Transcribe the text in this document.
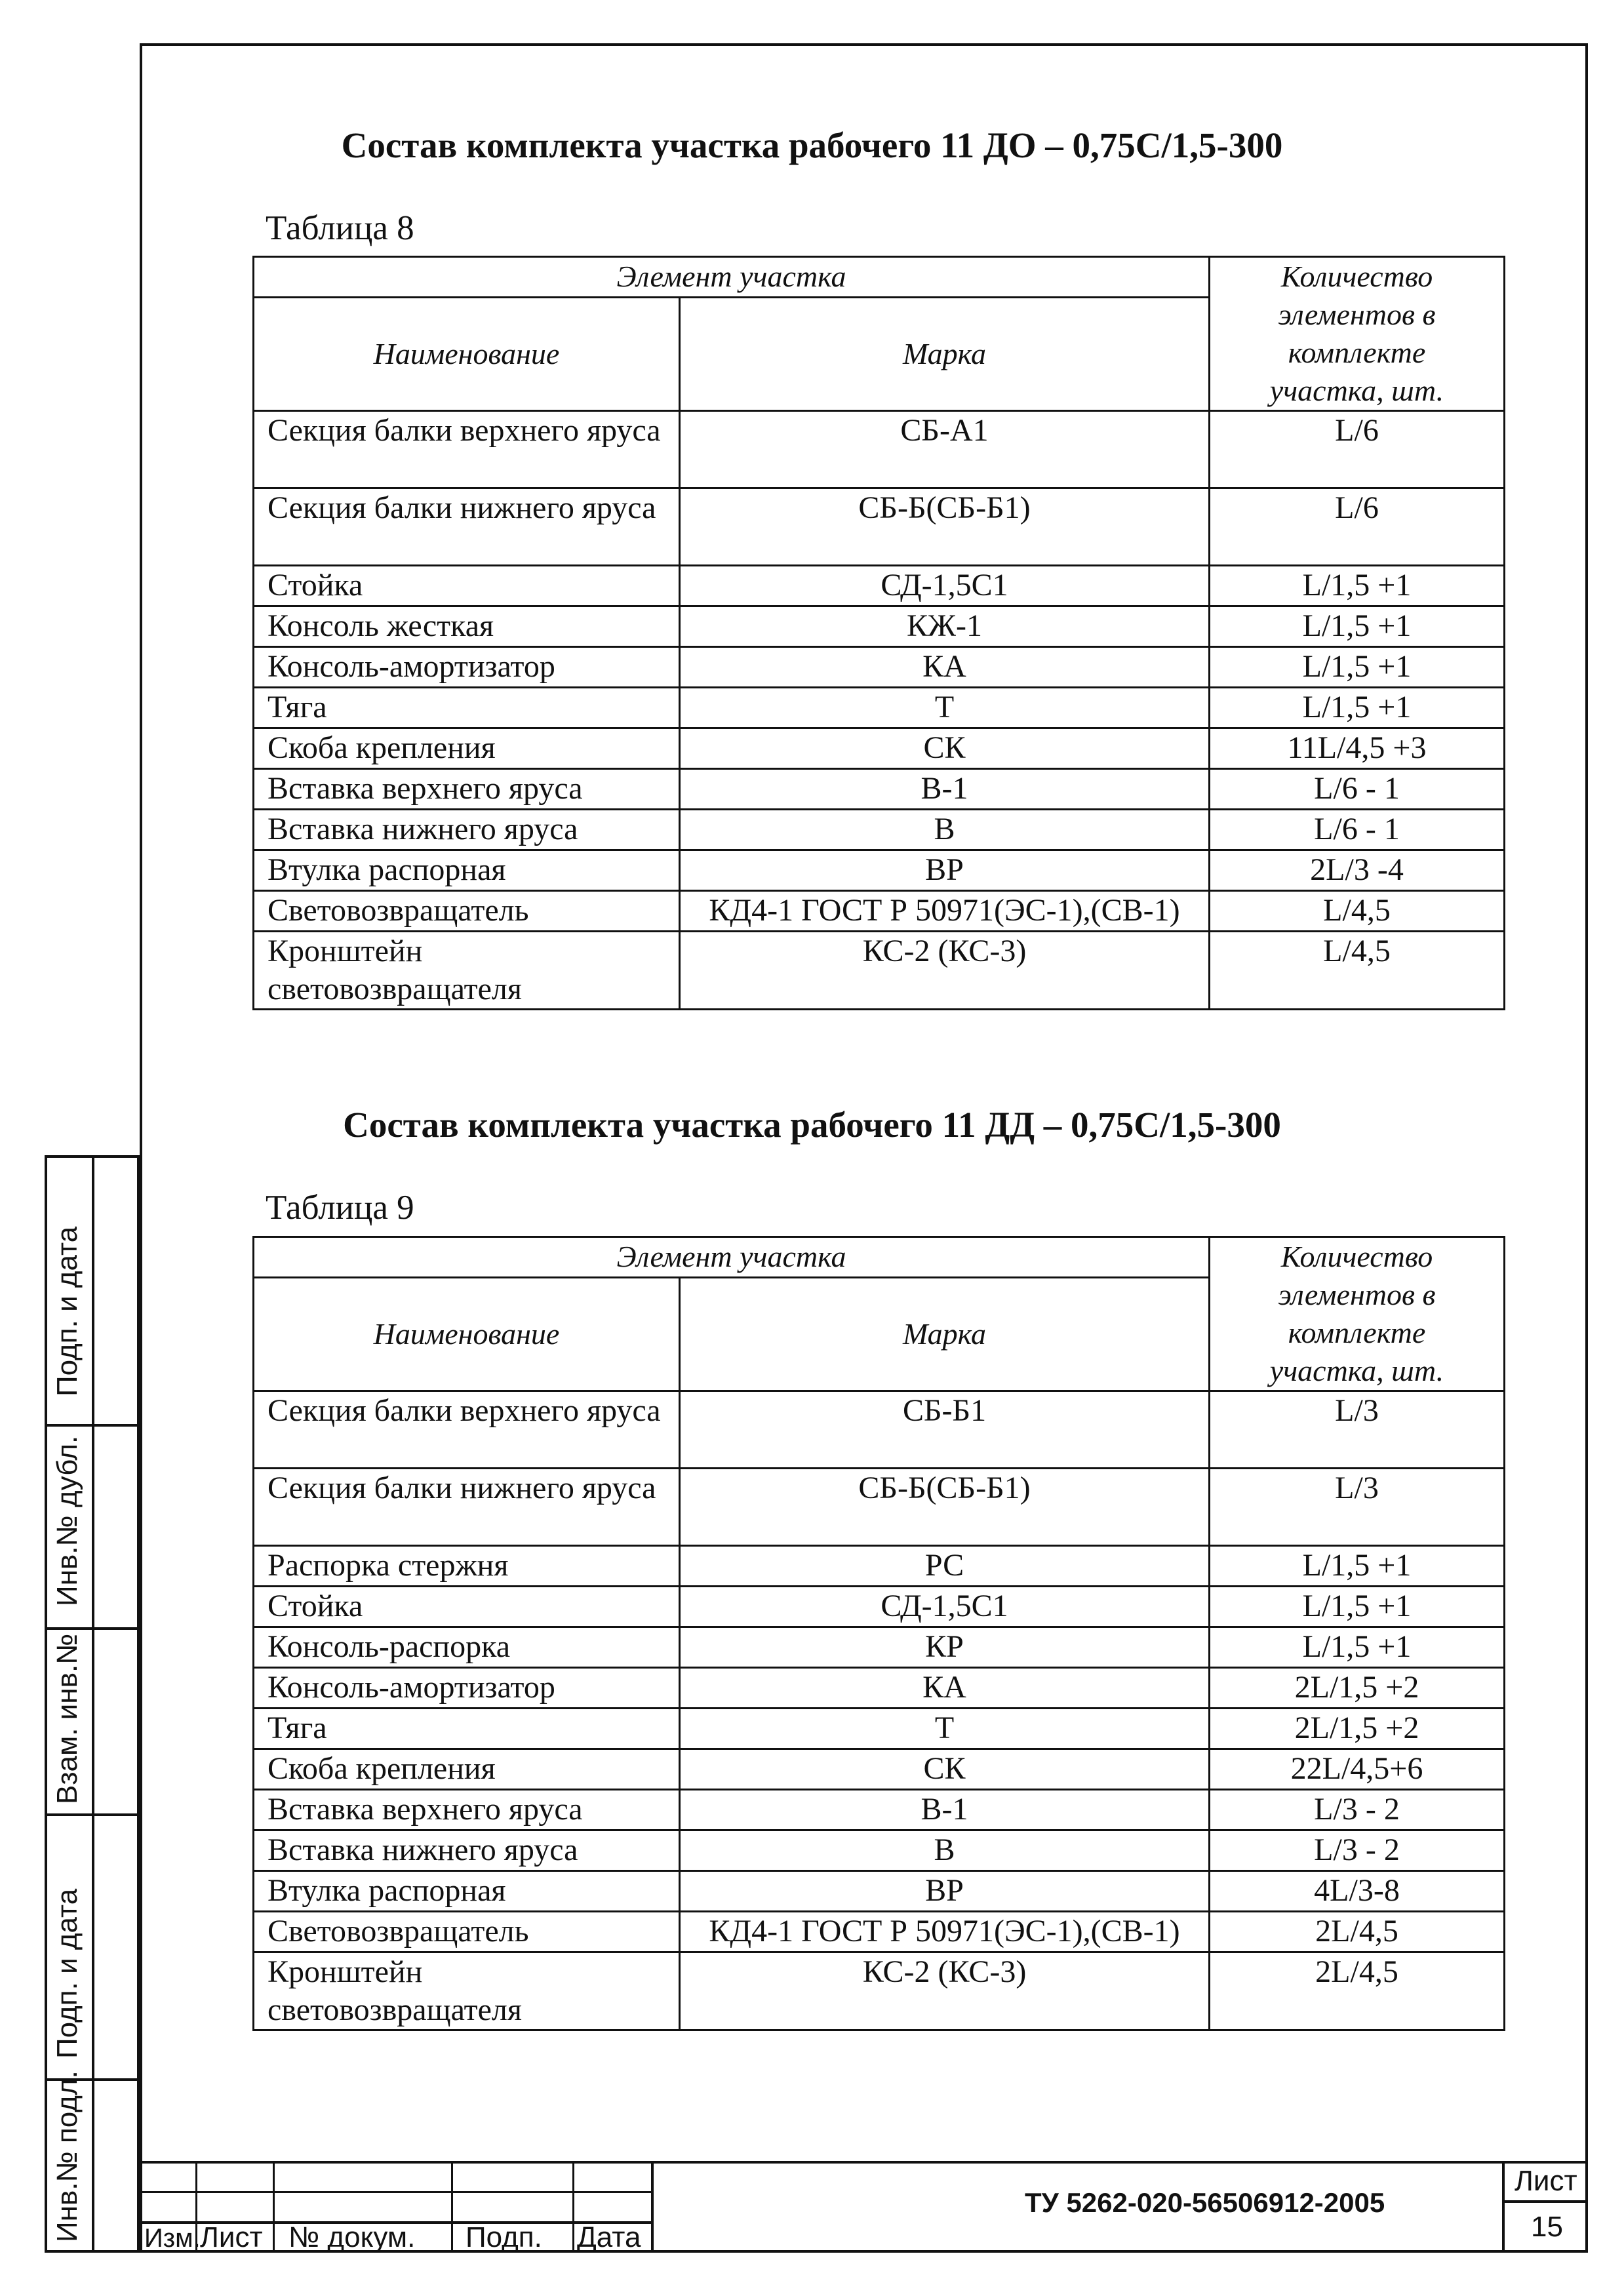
Состав комплекта участка рабочего 11 ДО – 0,75С/1,5-300
Таблица 8
Элемент участка		Количество
элементов в
комплекте
участка, шт.
Наименование	Марка	
Секция балки верхнего яруса	СБ-А1	L/6
Секция балки нижнего яруса	СБ-Б(СБ-Б1)	L/6
Стойка	СД-1,5С1	L/1,5 +1
Консоль жесткая	КЖ-1	L/1,5 +1
Консоль-амортизатор	КА	L/1,5 +1
Тяга	Т	L/1,5 +1
Скоба крепления	СК	11L/4,5 +3
Вставка верхнего яруса	В-1	L/6 - 1
Вставка нижнего яруса	В	L/6 - 1
Втулка распорная	ВР	2L/3 -4
Световозвращатель	КД4-1 ГОСТ Р 50971(ЭС-1),(СВ-1)	L/4,5
Кронштейн световозвращателя	КС-2 (КС-3)	L/4,5
Состав комплекта участка рабочего 11 ДД – 0,75С/1,5-300
Таблица 9
Элемент участка		Количество
элементов в
комплекте
участка, шт.
Наименование	Марка	
Секция балки верхнего яруса	СБ-Б1	L/3
Секция балки нижнего яруса	СБ-Б(СБ-Б1)	L/3
Распорка стержня	РС	L/1,5 +1
Стойка	СД-1,5С1	L/1,5 +1
Консоль-распорка	КР	L/1,5 +1
Консоль-амортизатор	КА	2L/1,5 +2
Тяга	Т	2L/1,5 +2
Скоба крепления	СК	22L/4,5+6
Вставка верхнего яруса	В-1	L/3 - 2
Вставка нижнего яруса	В	L/3 - 2
Втулка распорная	ВР	4L/3-8
Световозвращатель	КД4-1 ГОСТ Р 50971(ЭС-1),(СВ-1)	2L/4,5
Кронштейн световозвращателя	КС-2 (КС-3)	2L/4,5
Подп. и дата
Инв.№ дубл.
Взам. инв.№
Подп. и дата
Инв.№ подл. Изм. Лист № докум. Подп. Дата
ТУ 5262-020-56506912-2005
Лист
15
